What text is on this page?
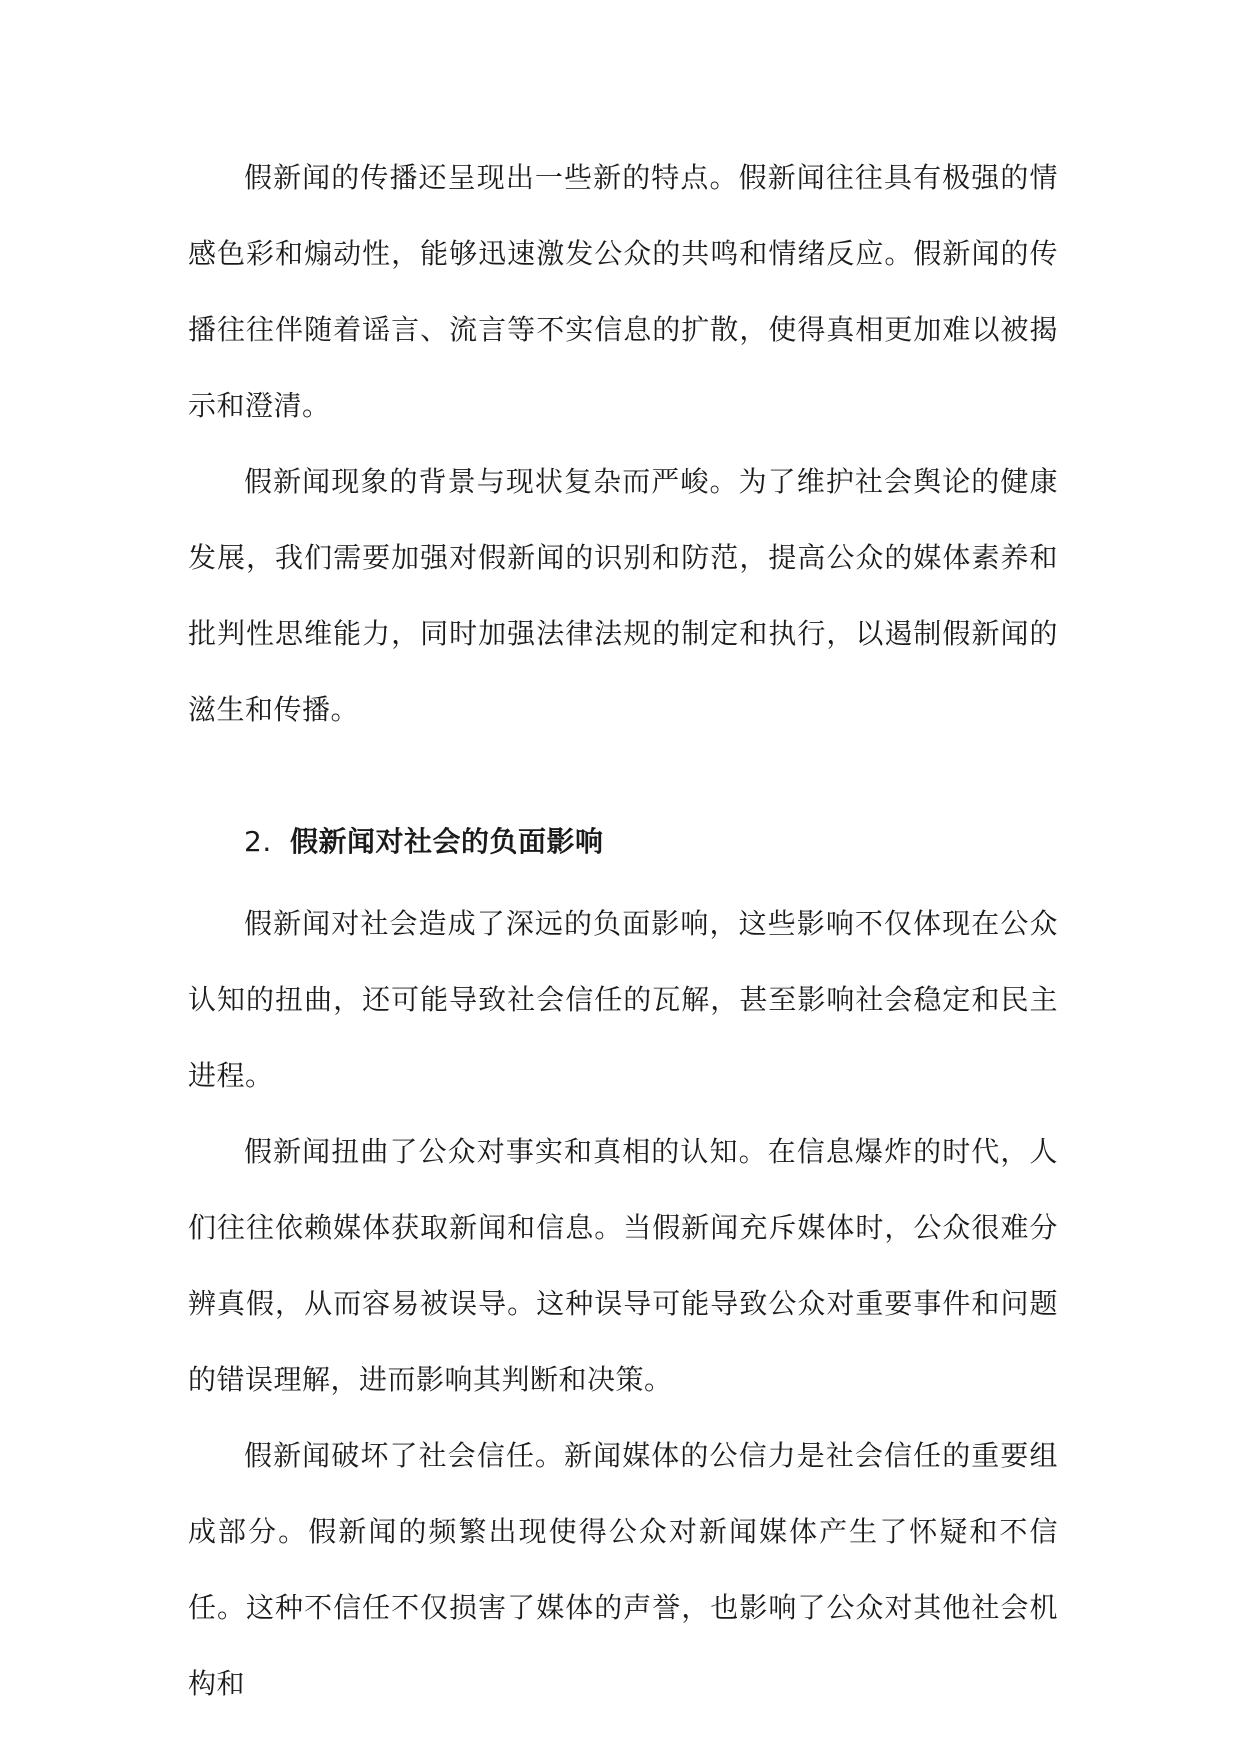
假新闻的传播还呈现出一些新的特点。假新闻往往具有极强的情感色彩和煽动性，能够迅速激发公众的共鸣和情绪反应。假新闻的传播往往伴随着谣言、流言等不实信息的扩散，使得真相更加难以被揭示和澄清。

假新闻现象的背景与现状复杂而严峻。为了维护社会舆论的健康发展，我们需要加强对假新闻的识别和防范，提高公众的媒体素养和批判性思维能力，同时加强法律法规的制定和执行，以遏制假新闻的滋生和传播。

2. 假新闻对社会的负面影响

假新闻对社会造成了深远的负面影响，这些影响不仅体现在公众认知的扭曲，还可能导致社会信任的瓦解，甚至影响社会稳定和民主进程。

假新闻扭曲了公众对事实和真相的认知。在信息爆炸的时代，人们往往依赖媒体获取新闻和信息。当假新闻充斥媒体时，公众很难分辨真假，从而容易被误导。这种误导可能导致公众对重要事件和问题的错误理解，进而影响其判断和决策。

假新闻破坏了社会信任。新闻媒体的公信力是社会信任的重要组成部分。假新闻的频繁出现使得公众对新闻媒体产生了怀疑和不信任。这种不信任不仅损害了媒体的声誉，也影响了公众对其他社会机构和
